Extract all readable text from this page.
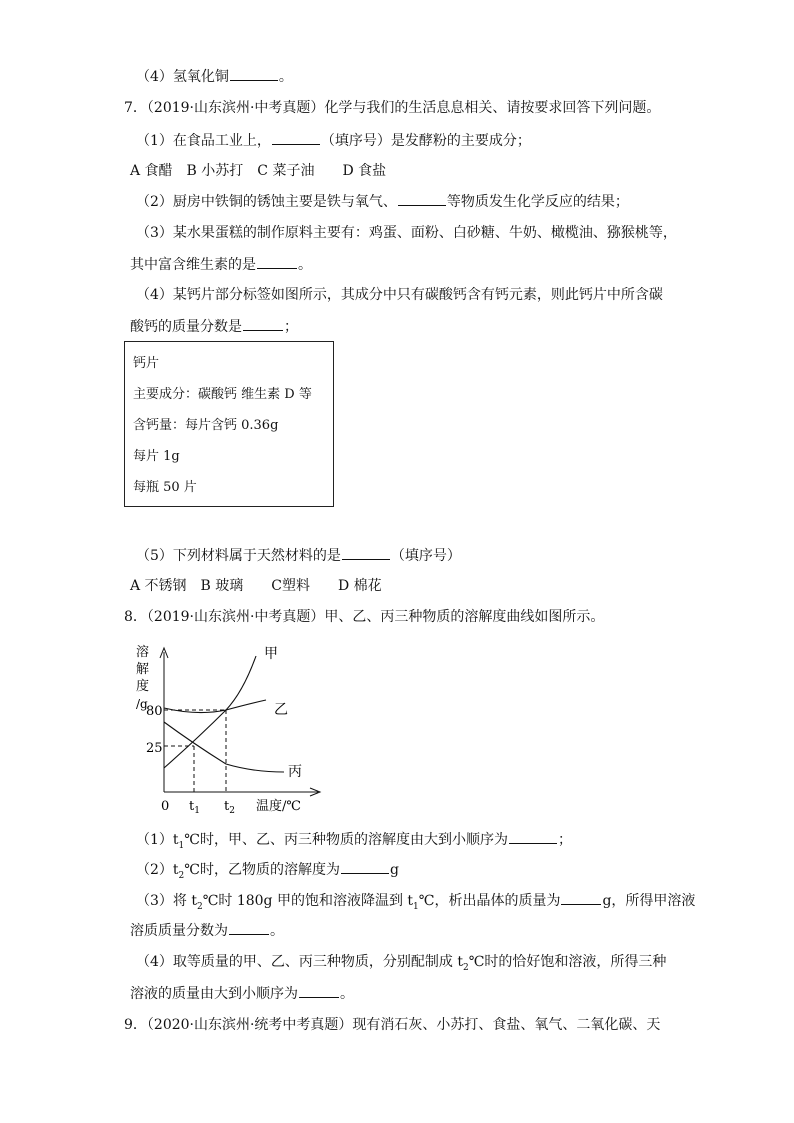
（4）氢氧化铜	。
7．（2019·山东滨州·中考真题）化学与我们的生活息息相关、请按要求回答下列问题。
（1）在食品工业上，	（填序号）是发酵粉的主要成分；
A 食醋　B 小苏打　C 菜子油　　D 食盐
（2）厨房中铁铜的锈蚀主要是铁与氧气、	等物质发生化学反应的结果；
（3）某水果蛋糕的制作原料主要有：鸡蛋、面粉、白砂糖、牛奶、橄榄油、猕猴桃等，
其中富含维生素的是	。
（4）某钙片部分标签如图所示，其成分中只有碳酸钙含有钙元素，则此钙片中所含碳
酸钙的质量分数是	；
钙片
主要成分：碳酸钙 维生素 D 等
含钙量：每片含钙 0.36g
每片 1g
每瓶 50 片
（5）下列材料属于天然材料的是	（填序号）
A 不锈钢　B 玻璃　　C塑料　　D 棉花
8．（2019·山东滨州·中考真题）甲、乙、丙三种物质的溶解度曲线如图所示。
溶
解
度
/g
80
25
0 $t_1$ $t_2$ 温度/℃
甲
乙
丙
$(1)t_1℃$时，甲、乙、丙三种物质的溶解度由大到小顺序为	；
$(2)t_2℃$时，乙物质的溶解度为	g
（3）将 $t_2℃$时 180g 甲的饱和溶液降温到 $t_1℃$，析出晶体的质量为	g，所得甲溶液
溶质质量分数为	。
（4）取等质量的甲、乙、丙三种物质，分别配制成 $t_2℃$时的恰好饱和溶液，所得三种
溶液的质量由大到小顺序为	。
9．（2020·山东滨州·统考中考真题）现有消石灰、小苏打、食盐、氧气、二氧化碳、天
